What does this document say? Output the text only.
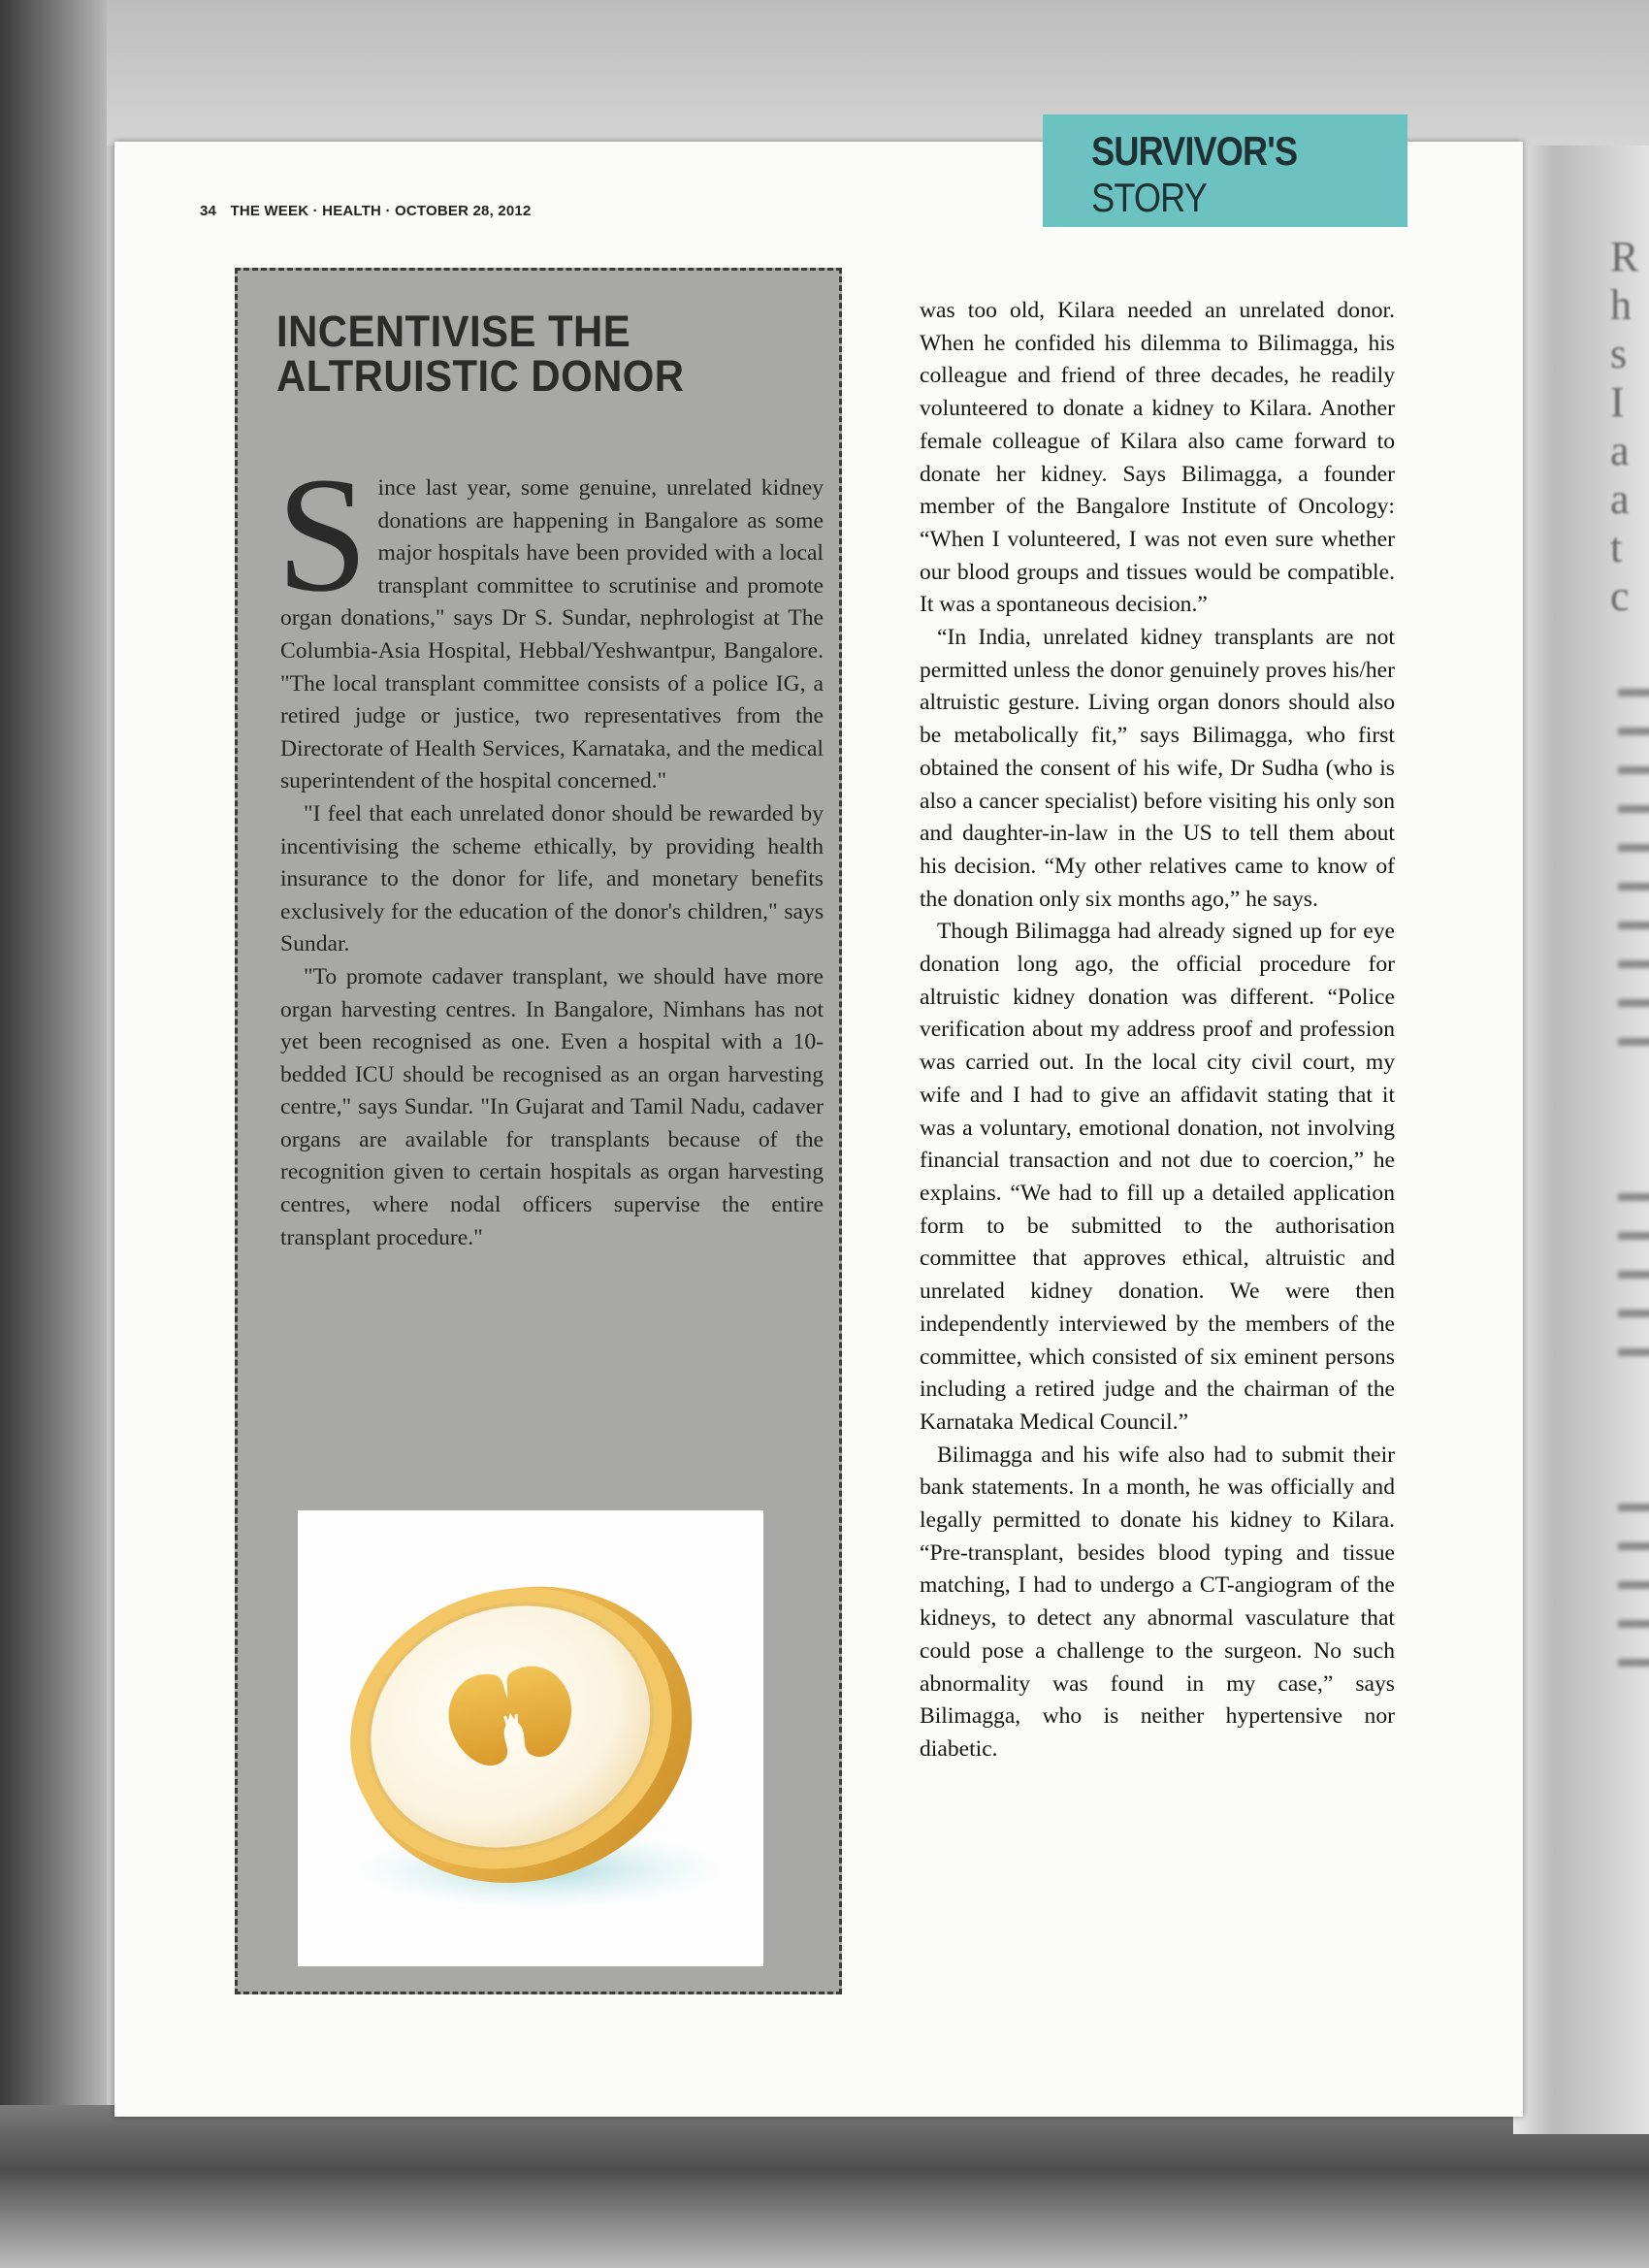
R
h
s
I
a
a
t
c
34 THE WEEK · HEALTH · OCTOBER 28, 2012
SURVIVOR'S STORY
INCENTIVISE THE
ALTRUISTIC DONOR

Since last year, some genuine, unrelated kidney donations are happening in Bangalore as some major hospitals have been provided with a local transplant committee to scrutinise and promote organ donations," says Dr S. Sundar, nephrologist at The Columbia-Asia Hospital, Hebbal/Yeshwantpur, Bangalore. "The local transplant committee consists of a police IG, a retired judge or justice, two representatives from the Directorate of Health Services, Karnataka, and the medical superintendent of the hospital concerned."

"I feel that each unrelated donor should be rewarded by incentivising the scheme ethically, by providing health insurance to the donor for life, and monetary benefits exclusively for the education of the donor's children," says Sundar.

"To promote cadaver transplant, we should have more organ harvesting centres. In Bangalore, Nimhans has not yet been recognised as one. Even a hospital with a 10-bedded ICU should be recognised as an organ harvesting centre," says Sundar. "In Gujarat and Tamil Nadu, cadaver organs are available for transplants because of the recognition given to certain hospitals as organ harvesting centres, where nodal officers supervise the entire transplant procedure."

was too old, Kilara needed an unrelated donor. When he confided his dilemma to Bilimagga, his colleague and friend of three decades, he readily volunteered to donate a kidney to Kilara. Another female colleague of Kilara also came forward to donate her kidney. Says Bilimagga, a founder member of the Bangalore Institute of Oncology: “When I volunteered, I was not even sure whether our blood groups and tissues would be compatible. It was a spontaneous decision.”

“In India, unrelated kidney transplants are not permitted unless the donor genuinely proves his/her altruistic gesture. Living organ donors should also be metabolically fit,” says Bilimagga, who first obtained the consent of his wife, Dr Sudha (who is also a cancer specialist) before visiting his only son and daughter-in-law in the US to tell them about his decision. “My other relatives came to know of the donation only six months ago,” he says.

Though Bilimagga had already signed up for eye donation long ago, the official procedure for altruistic kidney donation was different. “Police verification about my address proof and profession was carried out. In the local city civil court, my wife and I had to give an affidavit stating that it was a voluntary, emotional donation, not involving financial transaction and not due to coercion,” he explains. “We had to fill up a detailed application form to be submitted to the authorisation committee that approves ethical, altruistic and unrelated kidney donation. We were then independently interviewed by the members of the committee, which consisted of six eminent persons including a retired judge and the chairman of the Karnataka Medical Council.”

Bilimagga and his wife also had to submit their bank statements. In a month, he was officially and legally permitted to donate his kidney to Kilara. “Pre-transplant, besides blood typing and tissue matching, I had to undergo a CT-angiogram of the kidneys, to detect any abnormal vasculature that could pose a challenge to the surgeon. No such abnormality was found in my case,” says Bilimagga, who is neither hypertensive nor diabetic.
